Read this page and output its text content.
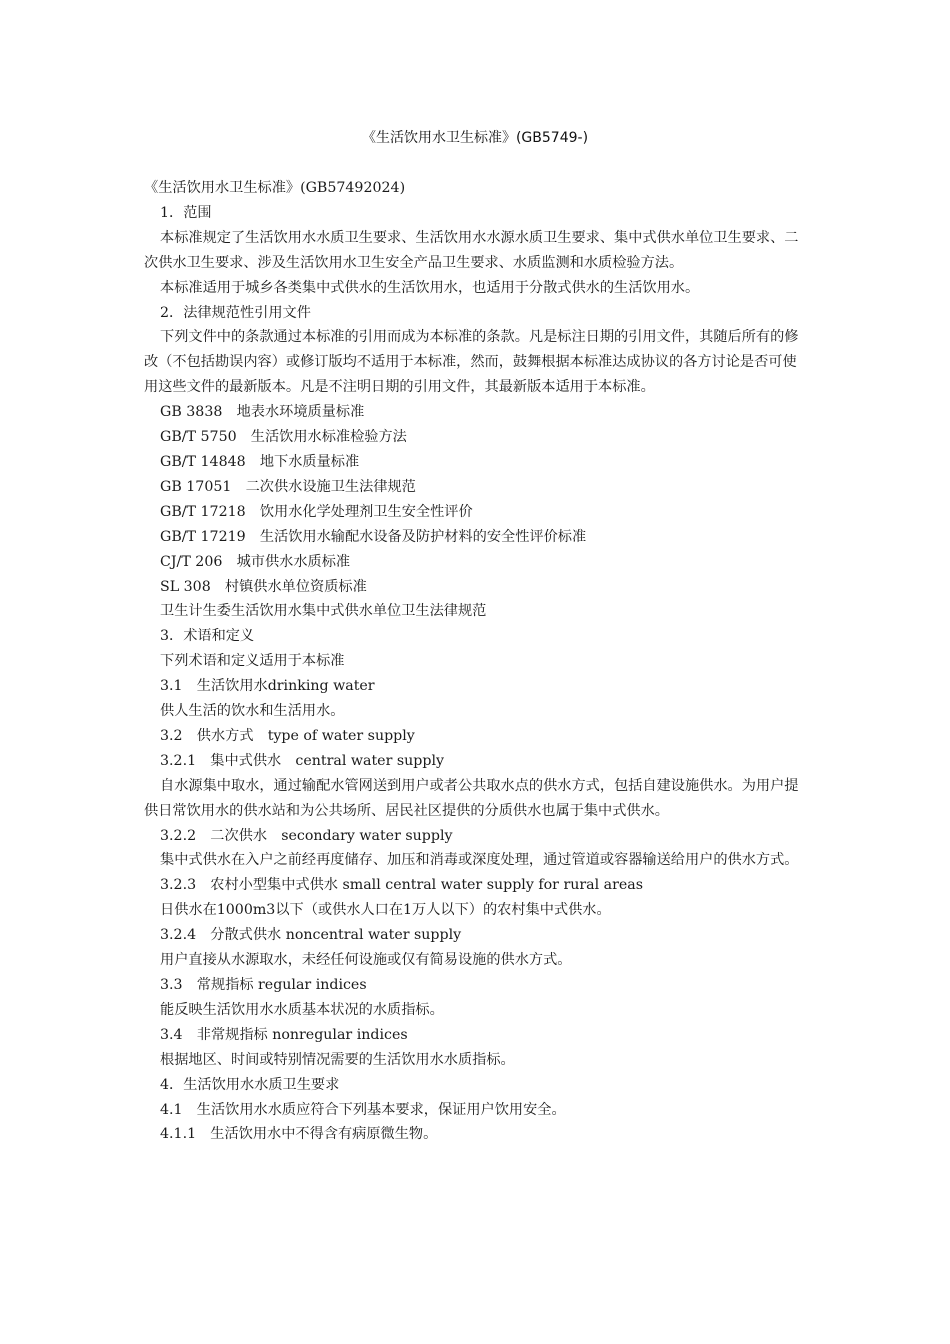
《生活饮用水卫生标准》(GB5749-)
《生活饮用水卫生标准》(GB57492024)
1．范围
本标准规定了生活饮用水水质卫生要求、生活饮用水水源水质卫生要求、集中式供水单位卫生要求、二次供水卫生要求、涉及生活饮用水卫生安全产品卫生要求、水质监测和水质检验方法。
本标准适用于城乡各类集中式供水的生活饮用水，也适用于分散式供水的生活饮用水。
2．法律规范性引用文件
下列文件中的条款通过本标准的引用而成为本标准的条款。凡是标注日期的引用文件，其随后所有的修改（不包括勘误内容）或修订版均不适用于本标准，然而，鼓舞根据本标准达成协议的各方讨论是否可使用这些文件的最新版本。凡是不注明日期的引用文件，其最新版本适用于本标准。
GB 3838　地表水环境质量标准
GB/T 5750　生活饮用水标准检验方法
GB/T 14848　地下水质量标准
GB 17051　二次供水设施卫生法律规范
GB/T 17218　饮用水化学处理剂卫生安全性评价
GB/T 17219　生活饮用水输配水设备及防护材料的安全性评价标准
CJ/T 206　城市供水水质标准
SL 308　村镇供水单位资质标准
卫生计生委生活饮用水集中式供水单位卫生法律规范
3．术语和定义
下列术语和定义适用于本标准
3.1　生活饮用水drinking water
供人生活的饮水和生活用水。
3.2　供水方式　type of water supply
3.2.1　集中式供水　central water supply
自水源集中取水，通过输配水管网送到用户或者公共取水点的供水方式，包括自建设施供水。为用户提供日常饮用水的供水站和为公共场所、居民社区提供的分质供水也属于集中式供水。
3.2.2　二次供水　secondary water supply
集中式供水在入户之前经再度储存、加压和消毒或深度处理，通过管道或容器输送给用户的供水方式。
3.2.3　农村小型集中式供水 small central water supply for rural areas
日供水在1000m3以下（或供水人口在1万人以下）的农村集中式供水。
3.2.4　分散式供水 noncentral water supply
用户直接从水源取水，未经任何设施或仅有简易设施的供水方式。
3.3　常规指标 regular indices
能反映生活饮用水水质基本状况的水质指标。
3.4　非常规指标 nonregular indices
根据地区、时间或特别情况需要的生活饮用水水质指标。
4．生活饮用水水质卫生要求
4.1　生活饮用水水质应符合下列基本要求，保证用户饮用安全。
4.1.1　生活饮用水中不得含有病原微生物。
